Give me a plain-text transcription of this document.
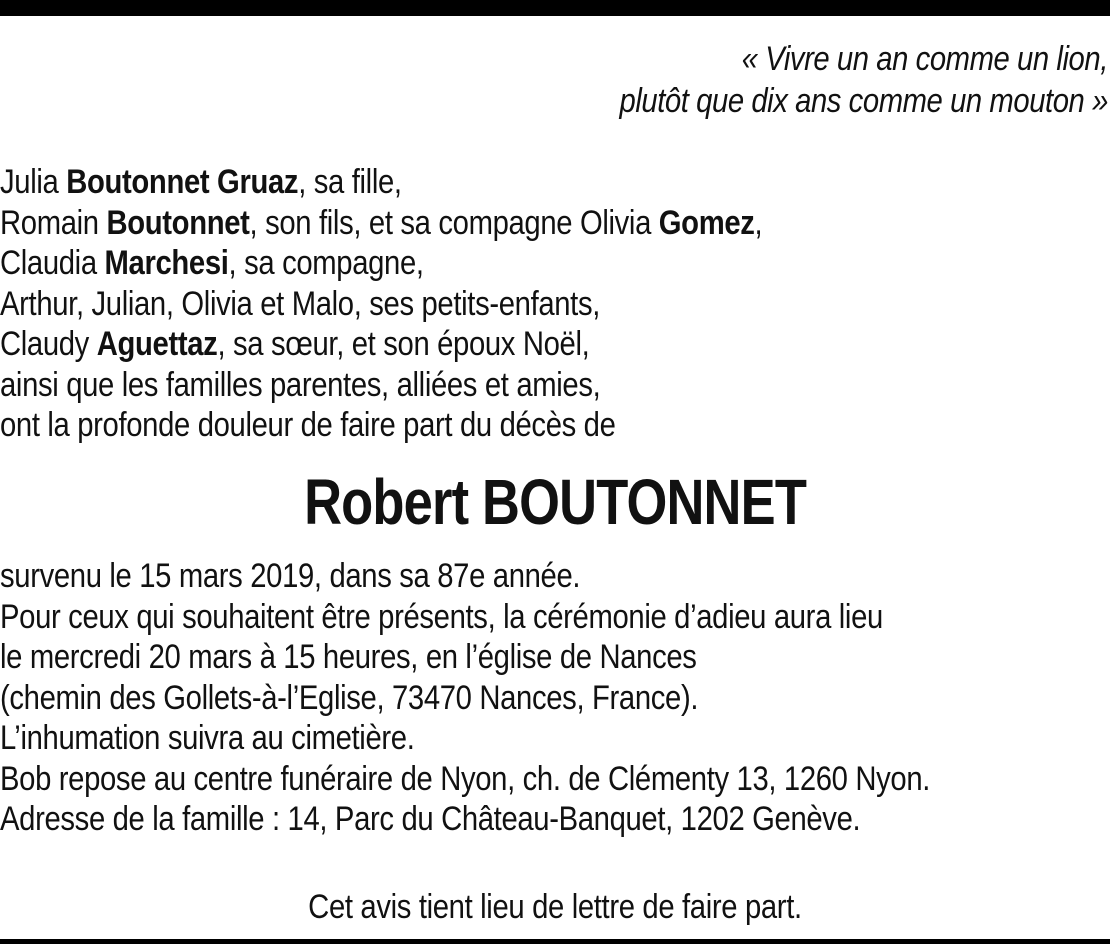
« Vivre un an comme un lion,
plutôt que dix ans comme un mouton »
Julia Boutonnet Gruaz, sa fille,
Romain Boutonnet, son fils, et sa compagne Olivia Gomez,
Claudia Marchesi, sa compagne,
Arthur, Julian, Olivia et Malo, ses petits-enfants,
Claudy Aguettaz, sa sœur, et son époux Noël,
ainsi que les familles parentes, alliées et amies,
ont la profonde douleur de faire part du décès de
Robert BOUTONNET
survenu le 15 mars 2019, dans sa 87e année.
Pour ceux qui souhaitent être présents, la cérémonie d’adieu aura lieu
le mercredi 20 mars à 15 heures, en l’église de Nances
(chemin des Gollets-à-l’Eglise, 73470 Nances, France).
L’inhumation suivra au cimetière.
Bob repose au centre funéraire de Nyon, ch. de Clémenty 13, 1260 Nyon.
Adresse de la famille : 14, Parc du Château-Banquet, 1202 Genève.
Cet avis tient lieu de lettre de faire part.
